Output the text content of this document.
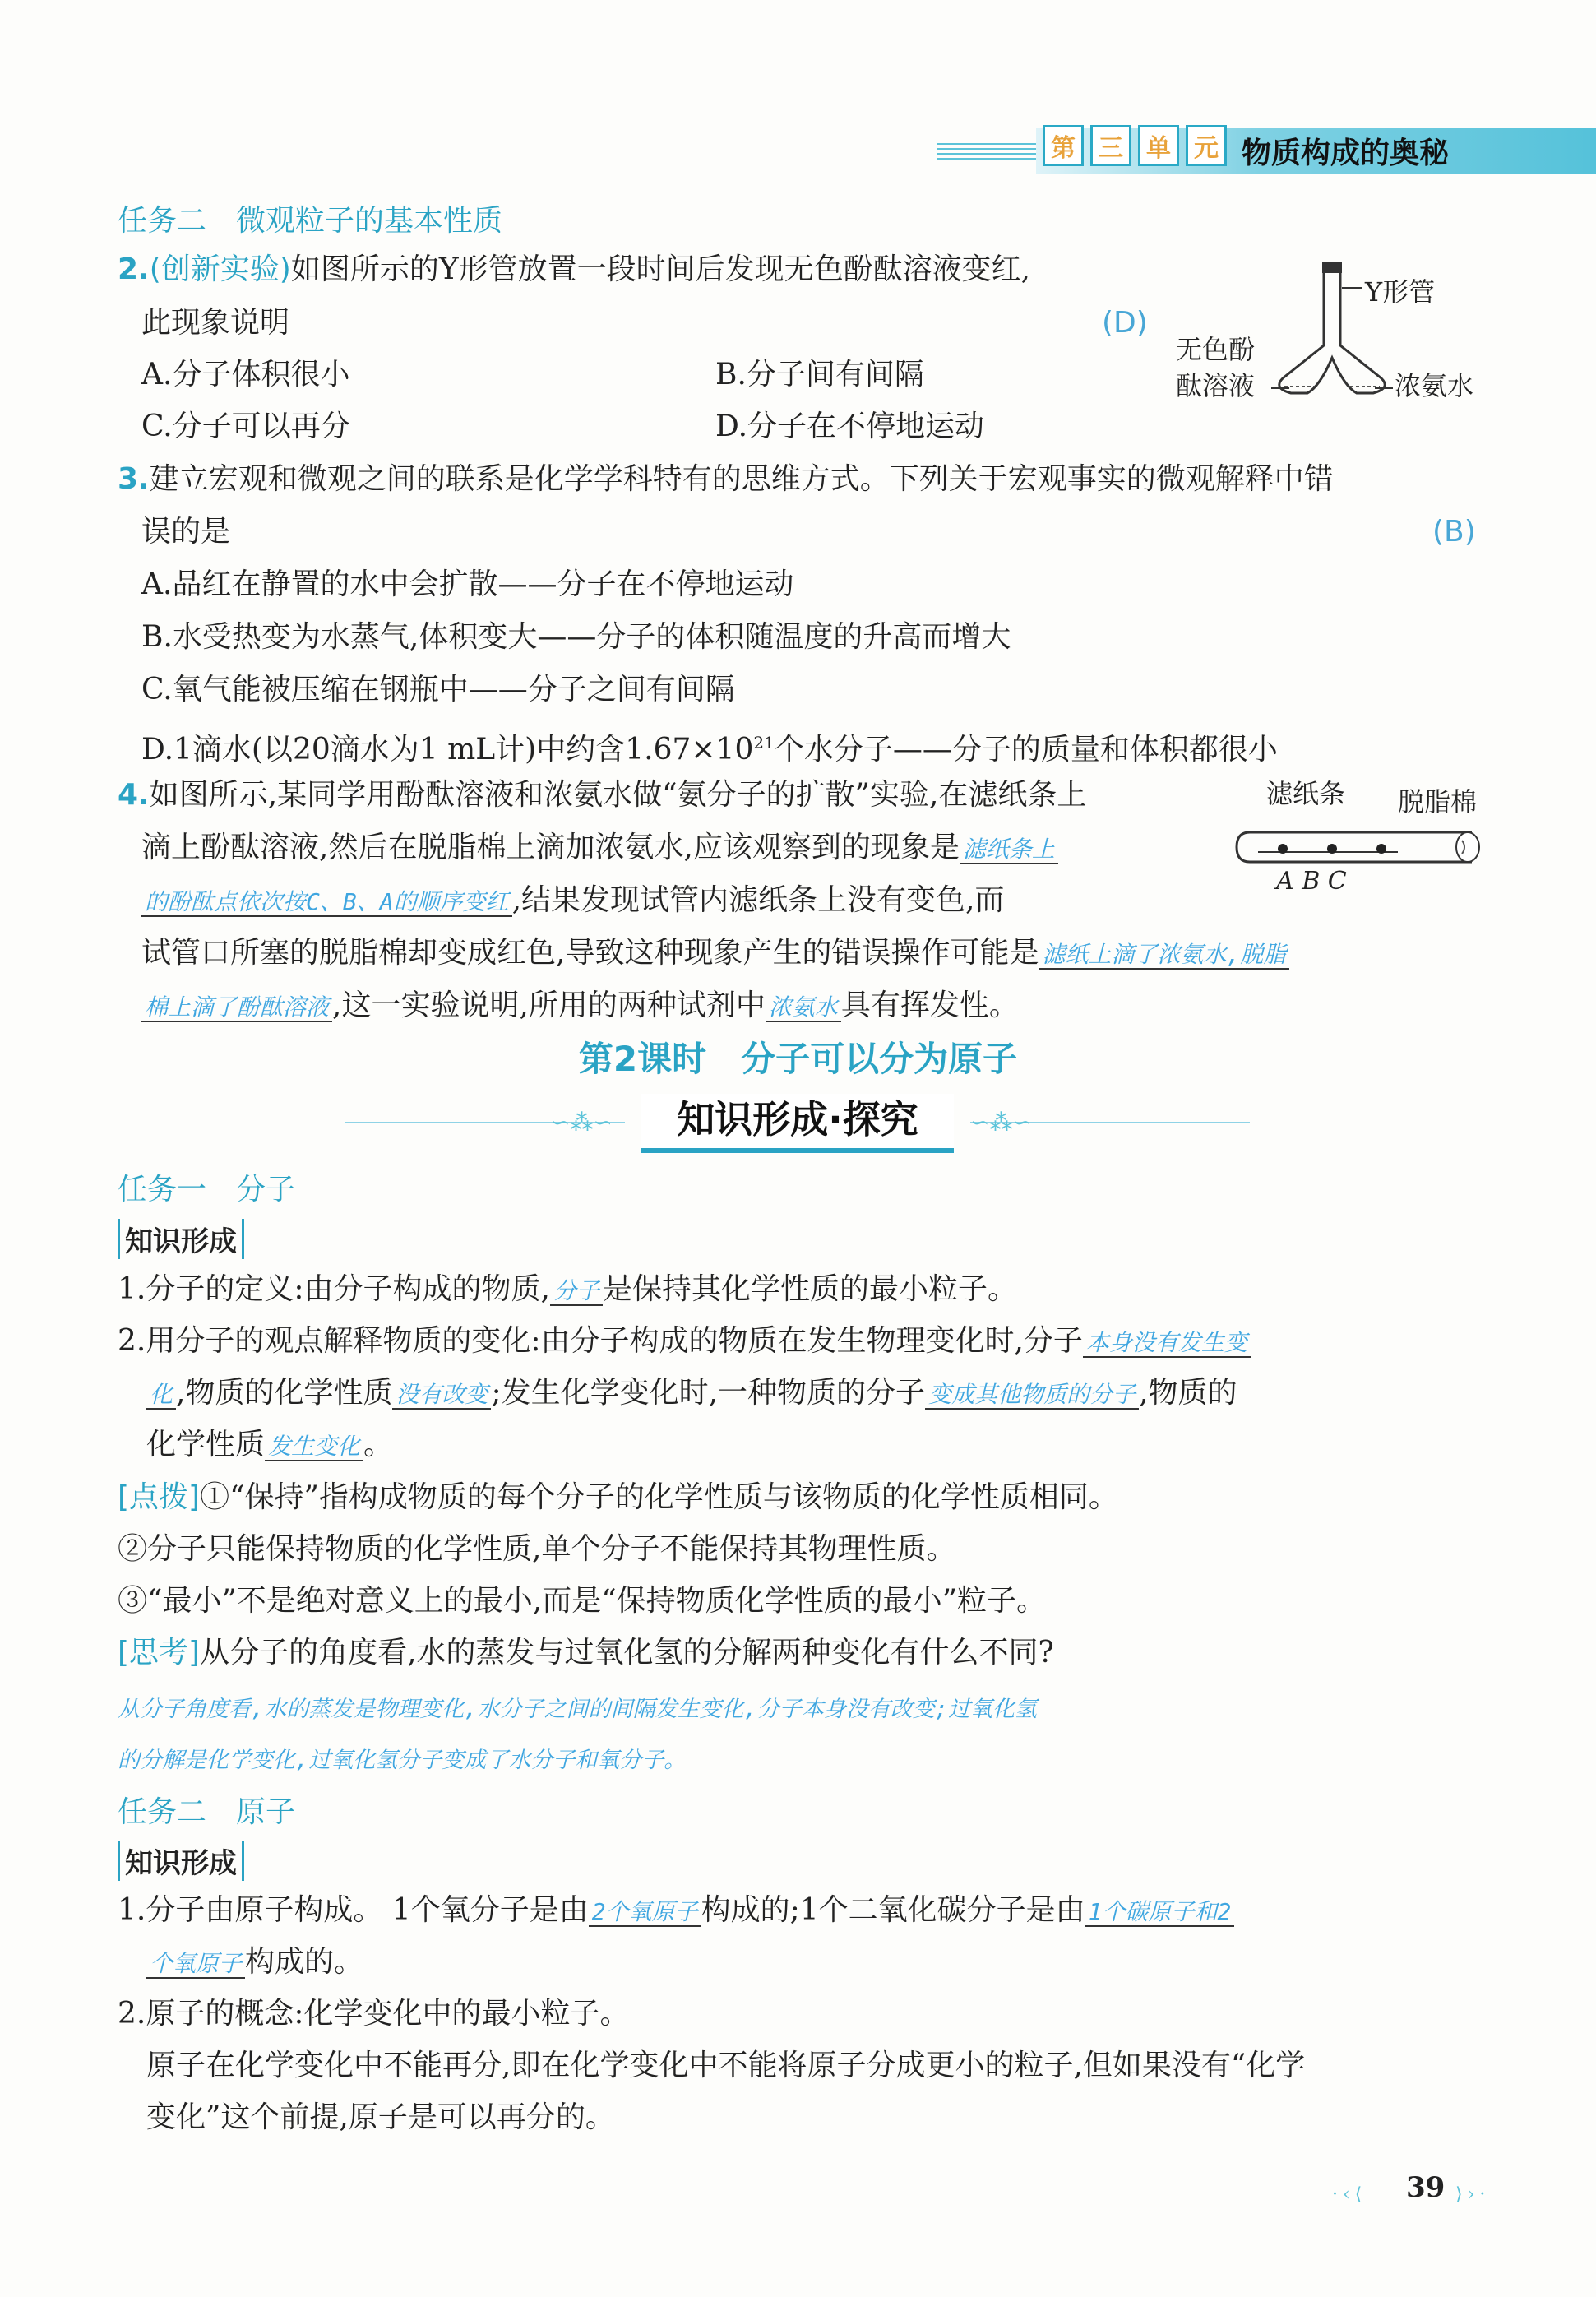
第 三 单 元 物质构成的奥秘
任务二　微观粒子的基本性质
2.(创新实验)如图所示的Y形管放置一段时间后发现无色酚酞溶液变红,
此现象说明	(D)
A.分子体积很小	B.分子间有间隔
C.分子可以再分	D.分子在不停地运动
Y形管
无色酚
酞溶液	浓氨水
3.建立宏观和微观之间的联系是化学学科特有的思维方式。下列关于宏观事实的微观解释中错
误的是	(B)
A.品红在静置的水中会扩散——分子在不停地运动
B.水受热变为水蒸气,体积变大——分子的体积随温度的升高而增大
C.氧气能被压缩在钢瓶中——分子之间有间隔
D.1滴水(以20滴水为1 mL计)中约含$1.67\times 10^{21}$个水分子——分子的质量和体积都很小
4.如图所示,某同学用酚酞溶液和浓氨水做“氨分子的扩散”实验,在滤纸条上
滴上酚酞溶液,然后在脱脂棉上滴加浓氨水,应该观察到的现象是 滤纸条上
的酚酞点依次按C、B、A的顺序变红 ,结果发现试管内滤纸条上没有变色,而
试管口所塞的脱脂棉却变成红色,导致这种现象产生的错误操作可能是 滤纸上滴了浓氨水,脱脂
棉上滴了酚酞溶液 ,这一实验说明,所用的两种试剂中 浓氨水 具有挥发性。
滤纸条 脱脂棉
A B C
第2课时　分子可以分为原子
∽⁂∽	∽⁂∽
知识形成·探究
任务一　分子
知识形成
1.分子的定义:由分子构成的物质, 分子 是保持其化学性质的最小粒子。
2.用分子的观点解释物质的变化:由分子构成的物质在发生物理变化时,分子 本身没有发生变
化 ,物质的化学性质 没有改变 ;发生化学变化时,一种物质的分子 变成其他物质的分子 ,物质的
化学性质 发生变化 。
[点拨]①“保持”指构成物质的每个分子的化学性质与该物质的化学性质相同。
②分子只能保持物质的化学性质,单个分子不能保持其物理性质。
③“最小”不是绝对意义上的最小,而是“保持物质化学性质的最小”粒子。
[思考]从分子的角度看,水的蒸发与过氧化氢的分解两种变化有什么不同?
从分子角度看,水的蒸发是物理变化,水分子之间的间隔发生变化,分子本身没有改变;过氧化氢
的分解是化学变化,过氧化氢分子变成了水分子和氧分子。
任务二　原子
知识形成
1.分子由原子构成。 1个氧分子是由 2个氧原子 构成的;1个二氧化碳分子是由 1个碳原子和2
个氧原子 构成的。
2.原子的概念:化学变化中的最小粒子。
原子在化学变化中不能再分,即在化学变化中不能将原子分成更小的粒子,但如果没有“化学
变化”这个前提,原子是可以再分的。
·‹⟨ 39 ⟩›·
